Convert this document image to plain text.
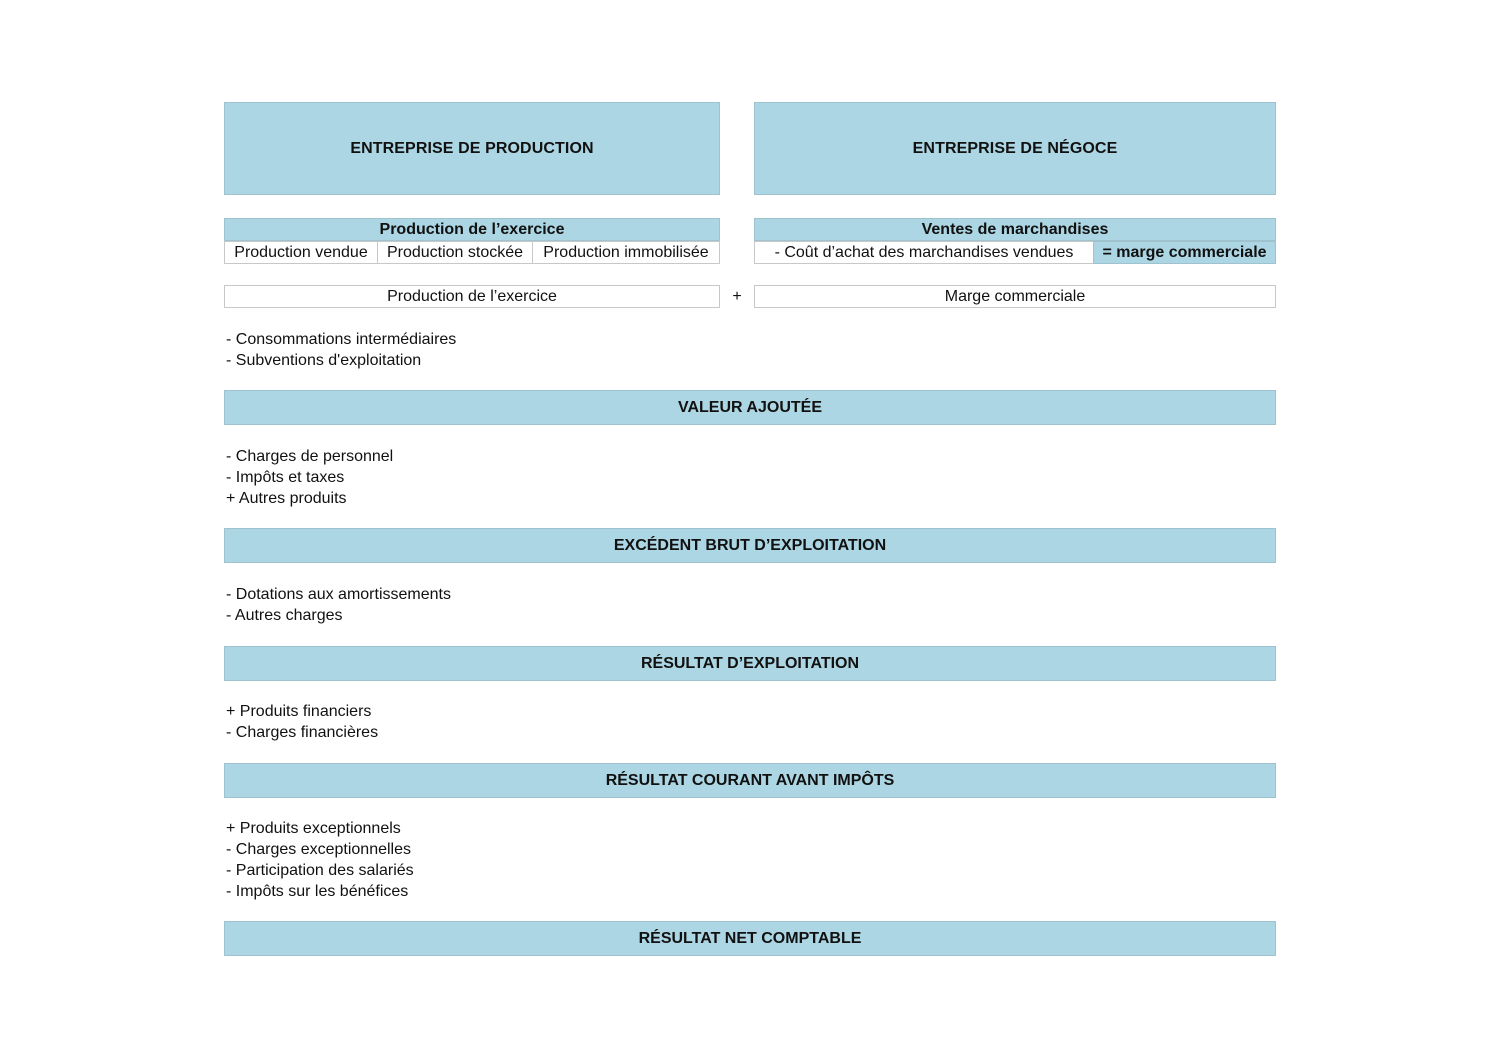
ENTREPRISE DE PRODUCTION	ENTREPRISE DE NÉGOCE
Production de l’exercice
Production vendue Production stockée Production immobilisée
Ventes de marchandises
- Coût d’achat des marchandises vendues = marge commerciale
Production de l’exercice	+	Marge commerciale
- Consommations intermédiaires
- Subventions d'exploitation
VALEUR AJOUTÉE
- Charges de personnel
- Impôts et taxes
+ Autres produits
EXCÉDENT BRUT D’EXPLOITATION
- Dotations aux amortissements
- Autres charges
RÉSULTAT D’EXPLOITATION
+ Produits financiers
- Charges financières
RÉSULTAT COURANT AVANT IMPÔTS
+ Produits exceptionnels
- Charges exceptionnelles
- Participation des salariés
- Impôts sur les bénéfices
RÉSULTAT NET COMPTABLE
